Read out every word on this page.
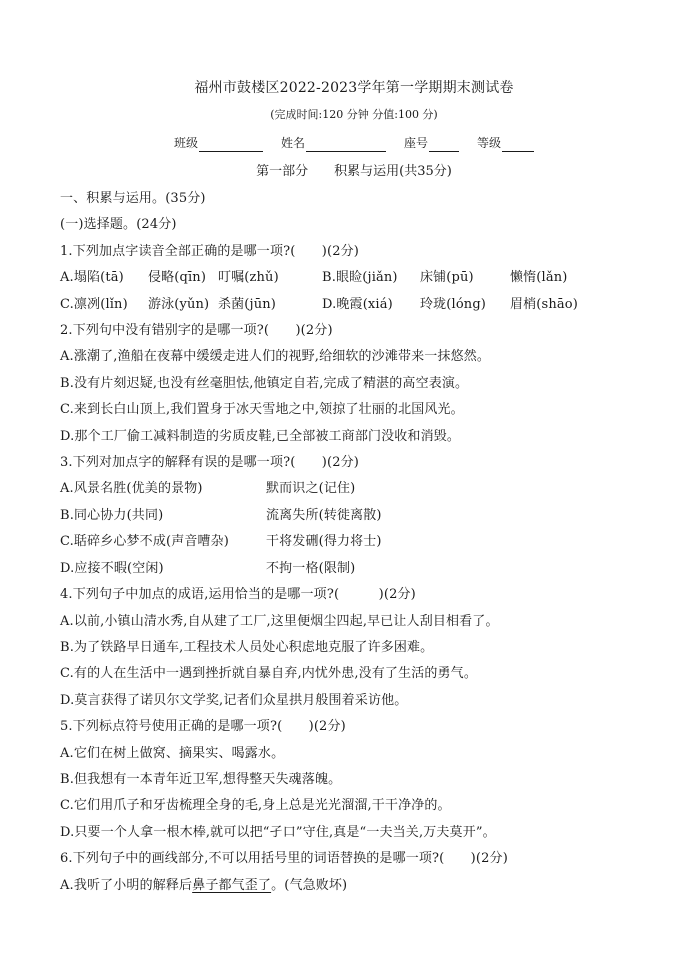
福州市鼓楼区2022-2023学年第一学期期末测试卷
(完成时间:120 分钟 分值:100 分)
班级	姓名	座号	等级
第一部分 积累与运用(共35分)
一、积累与运用。(35分)
(一)选择题。(24分)
1.下列加点字读音全部正确的是哪一项?(　　)(2分)
A.塌陷(tā)	侵略(qīn) 叮嘱(zhǔ)	B.眼睑(jiǎn)	床铺(pū)	懒惰(lǎn)
C.凛冽(lǐn)	游泳(yǔn) 杀菌(jūn)	D.晚霞(xiá)	玲珑(lóng)	眉梢(shāo)
2.下列句中没有错别字的是哪一项?(　　)(2分)
A.涨潮了,渔船在夜幕中缓缓走进人们的视野,给细软的沙滩带来一抹悠然。
B.没有片刻迟疑,也没有丝毫胆怯,他镇定自若,完成了精湛的高空表演。
C.来到长白山顶上,我们置身于冰天雪地之中,领掠了壮丽的北国风光。
D.那个工厂偷工减料制造的劣质皮鞋,已全部被工商部门没收和消毁。
3.下列对加点字的解释有误的是哪一项?(　　)(2分)
A.风景名胜(优美的景物)	默而识之(记住)
B.同心协力(共同)	流离失所(转徙离散)
C.聒碎乡心梦不成(声音嘈杂)	干将发硎(得力将士)
D.应接不暇(空闲)	不拘一格(限制)
4.下列句子中加点的成语,运用恰当的是哪一项?(　　　)(2分)
A.以前,小镇山清水秀,自从建了工厂,这里便烟尘四起,早已让人刮目相看了。
B.为了铁路早日通车,工程技术人员处心积虑地克服了许多困难。
C.有的人在生活中一遇到挫折就自暴自弃,内忧外患,没有了生活的勇气。
D.莫言获得了诺贝尔文学奖,记者们众星拱月般围着采访他。
5.下列标点符号使用正确的是哪一项?(　　)(2分)
A.它们在树上做窝、摘果实、喝露水。
B.但我想有一本青年近卫军,想得整天失魂落魄。
C.它们用爪子和牙齿梳理全身的毛,身上总是光光溜溜,干干净净的。
D.只要一个人拿一根木棒,就可以把“孑口”守住,真是“一夫当关,万夫莫开”。
6.下列句子中的画线部分,不可以用括号里的词语替换的是哪一项?(　　)(2分)
A.我听了小明的解释后鼻子都气歪了。(气急败坏)
